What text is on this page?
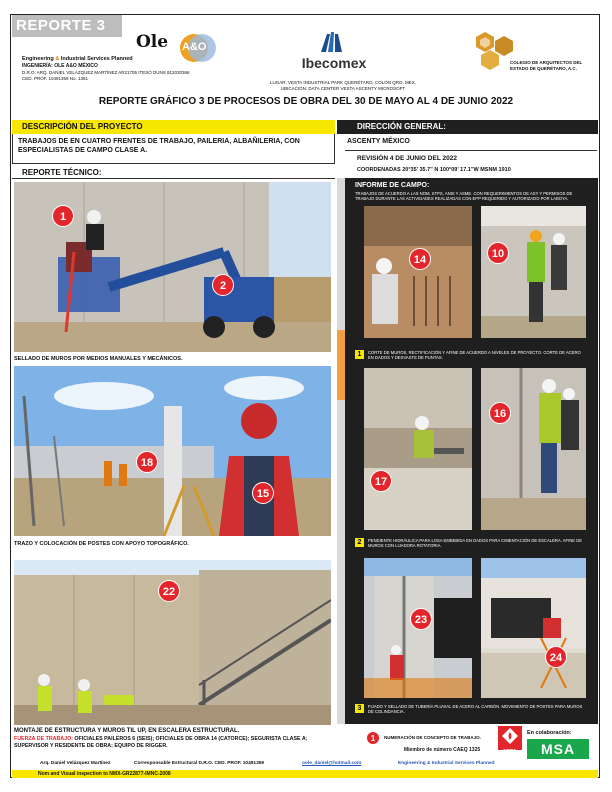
REPORTE 3
Ole A&O
Engineering & Industrial Services Planned
INGENIERÍA: OLE A&O MÉXICO
D.R.O: ARQ. DANIEL VELÁZQUEZ MARTÍNEZ AR21705 ITESO DUNS 812030366
CED. PROF. 10491359 No. 1361
Ibecomex
LUGAR: VESTA INDUSTRIAL PARK QUERÉTARO, COLÓN QRO. MEX.
UBICACIÓN: DATA CENTER VESTA ASCENTY MICROSOFT
COLEGIO DE ARQUITECTOS DEL ESTADO DE QUERÉTARO, A.C.
REPORTE GRÁFICO 3 DE PROCESOS DE OBRA DEL 30 DE MAYO AL 4 DE JUNIO 2022
DESCRIPCIÓN DEL PROYECTO
TRABAJOS DE EN CUATRO FRENTES DE TRABAJO, PAILERIA, ALBAÑILERIA, CON ESPECIALISTAS DE CAMPO CLASE A.
REPORTE TÉCNICO:
1
2
SELLADO DE MUROS POR MEDIOS MANUALES Y MECÁNICOS.
18
15
TRAZO Y COLOCACIÓN DE POSTES CON APOYO TOPOGRÁFICO.
22
MONTAJE DE ESTRUCTURA Y MUROS TIL UP, EN ESCALERA ESTRUCTURAL.
FUERZA DE TRABAJO: OFICIALES PAILEROS 6 (SEIS); OFICIALES DE OBRA 14 (CATORCE); SEGURISTA CLASE A; SUPERVISOR Y RESIDENTE DE OBRA; EQUIPO DE RIGGER.
DIRECCIÓN GENERAL:
ASCENTY MÉXICO
REVISIÓN 4 DE JUNIO DEL 2022
COORDENADAS 20°35' 35.7" N 100°09' 17.1"W MSNM 1910
INFORME DE CAMPO:
TRABAJOS DE ACUERDO A LAS NOM, STPS, ANSI Y ASME. CON REQUERIMIENTOS DE ASY Y PERMISOS DE TRABAJO DURANTE LAS ACTIVIDADES REALIZADAS CON EPP REQUERIDO Y AUTORIZADO POR LABOYA.
14	10
1	CORTE DE MUROS, RECTIFICACIÓN Y AFINE DE ACUERDO A NIVELES DE PROYECTO. CORTE DE ACERO EN DADOS Y DESVASTE DE PUNTAS.
17
16
2	PENDIENTE HIDRÁULICA PARA LOSA EMBEBIDA EN DADOS PARA CIMENTACIÓN DE ESCALERA. AFINE DE MUROS CON LIJADORA ROTATORIA.
23
24
3	FIJADO Y SELLADO DE TUBERÍA PLUVIAL DE ACERO AL CARBÓN. MOVIMIENTO DE POSTES PARA MUROS DE COLINDANCIA.
1	NUMERACIÓN DE CONCEPTO DE TRABAJO.
Miembro de número CAEQ 1325	NFPA
En colaboración:
MSA
Arq. Daniel Velázquez Martínez	Corresponsable Estructural D.R.O. CED. PROF. 10491359	oole_daniel@hotmail.com	Engineering & Industrial Services Planned
Nom and Visual inspection to NMX-GR22877-IMNC-2008
